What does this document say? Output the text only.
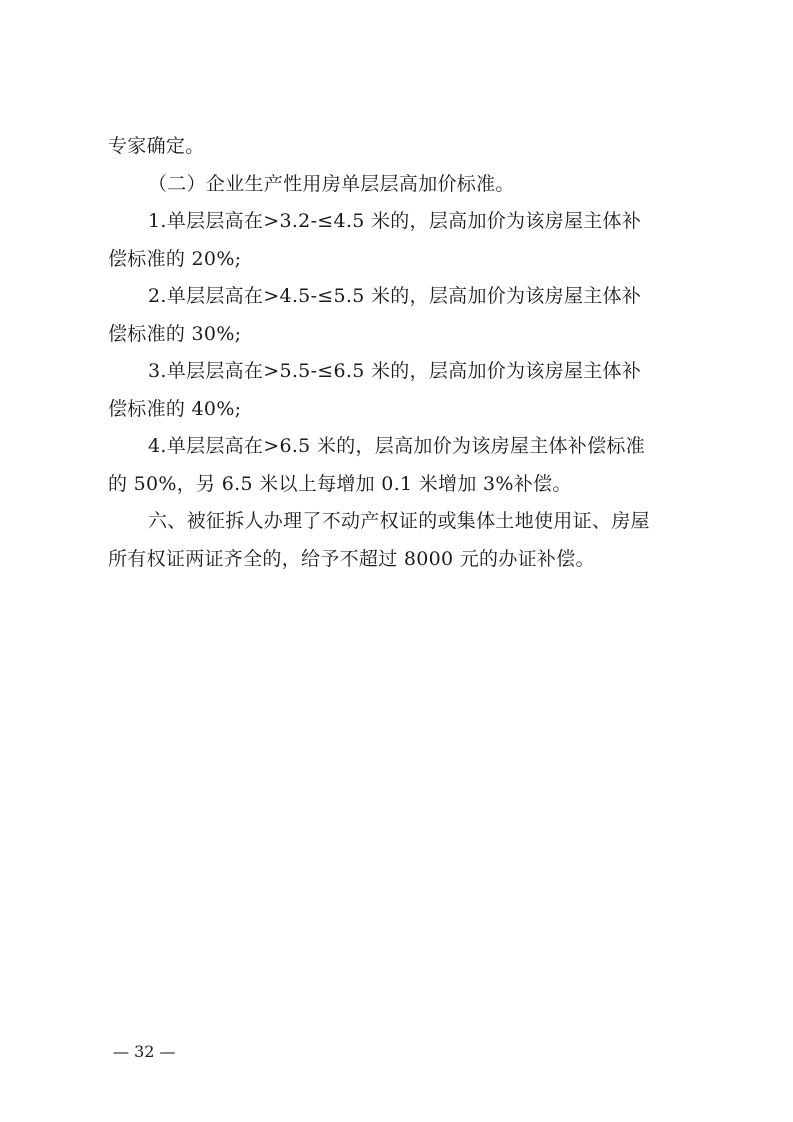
专家确定。
（二）企业生产性用房单层层高加价标准。
1.单层层高在>3.2-≤4.5 米的，层高加价为该房屋主体补
偿标准的 20%;
2.单层层高在>4.5-≤5.5 米的，层高加价为该房屋主体补
偿标准的 30%;
3.单层层高在>5.5-≤6.5 米的，层高加价为该房屋主体补
偿标准的 40%;
4.单层层高在>6.5 米的，层高加价为该房屋主体补偿标准
的 50%，另 6.5 米以上每增加 0.1 米增加 3%补偿。
六、被征拆人办理了不动产权证的或集体土地使用证、房屋
所有权证两证齐全的，给予不超过 8000 元的办证补偿。
— 32 —
